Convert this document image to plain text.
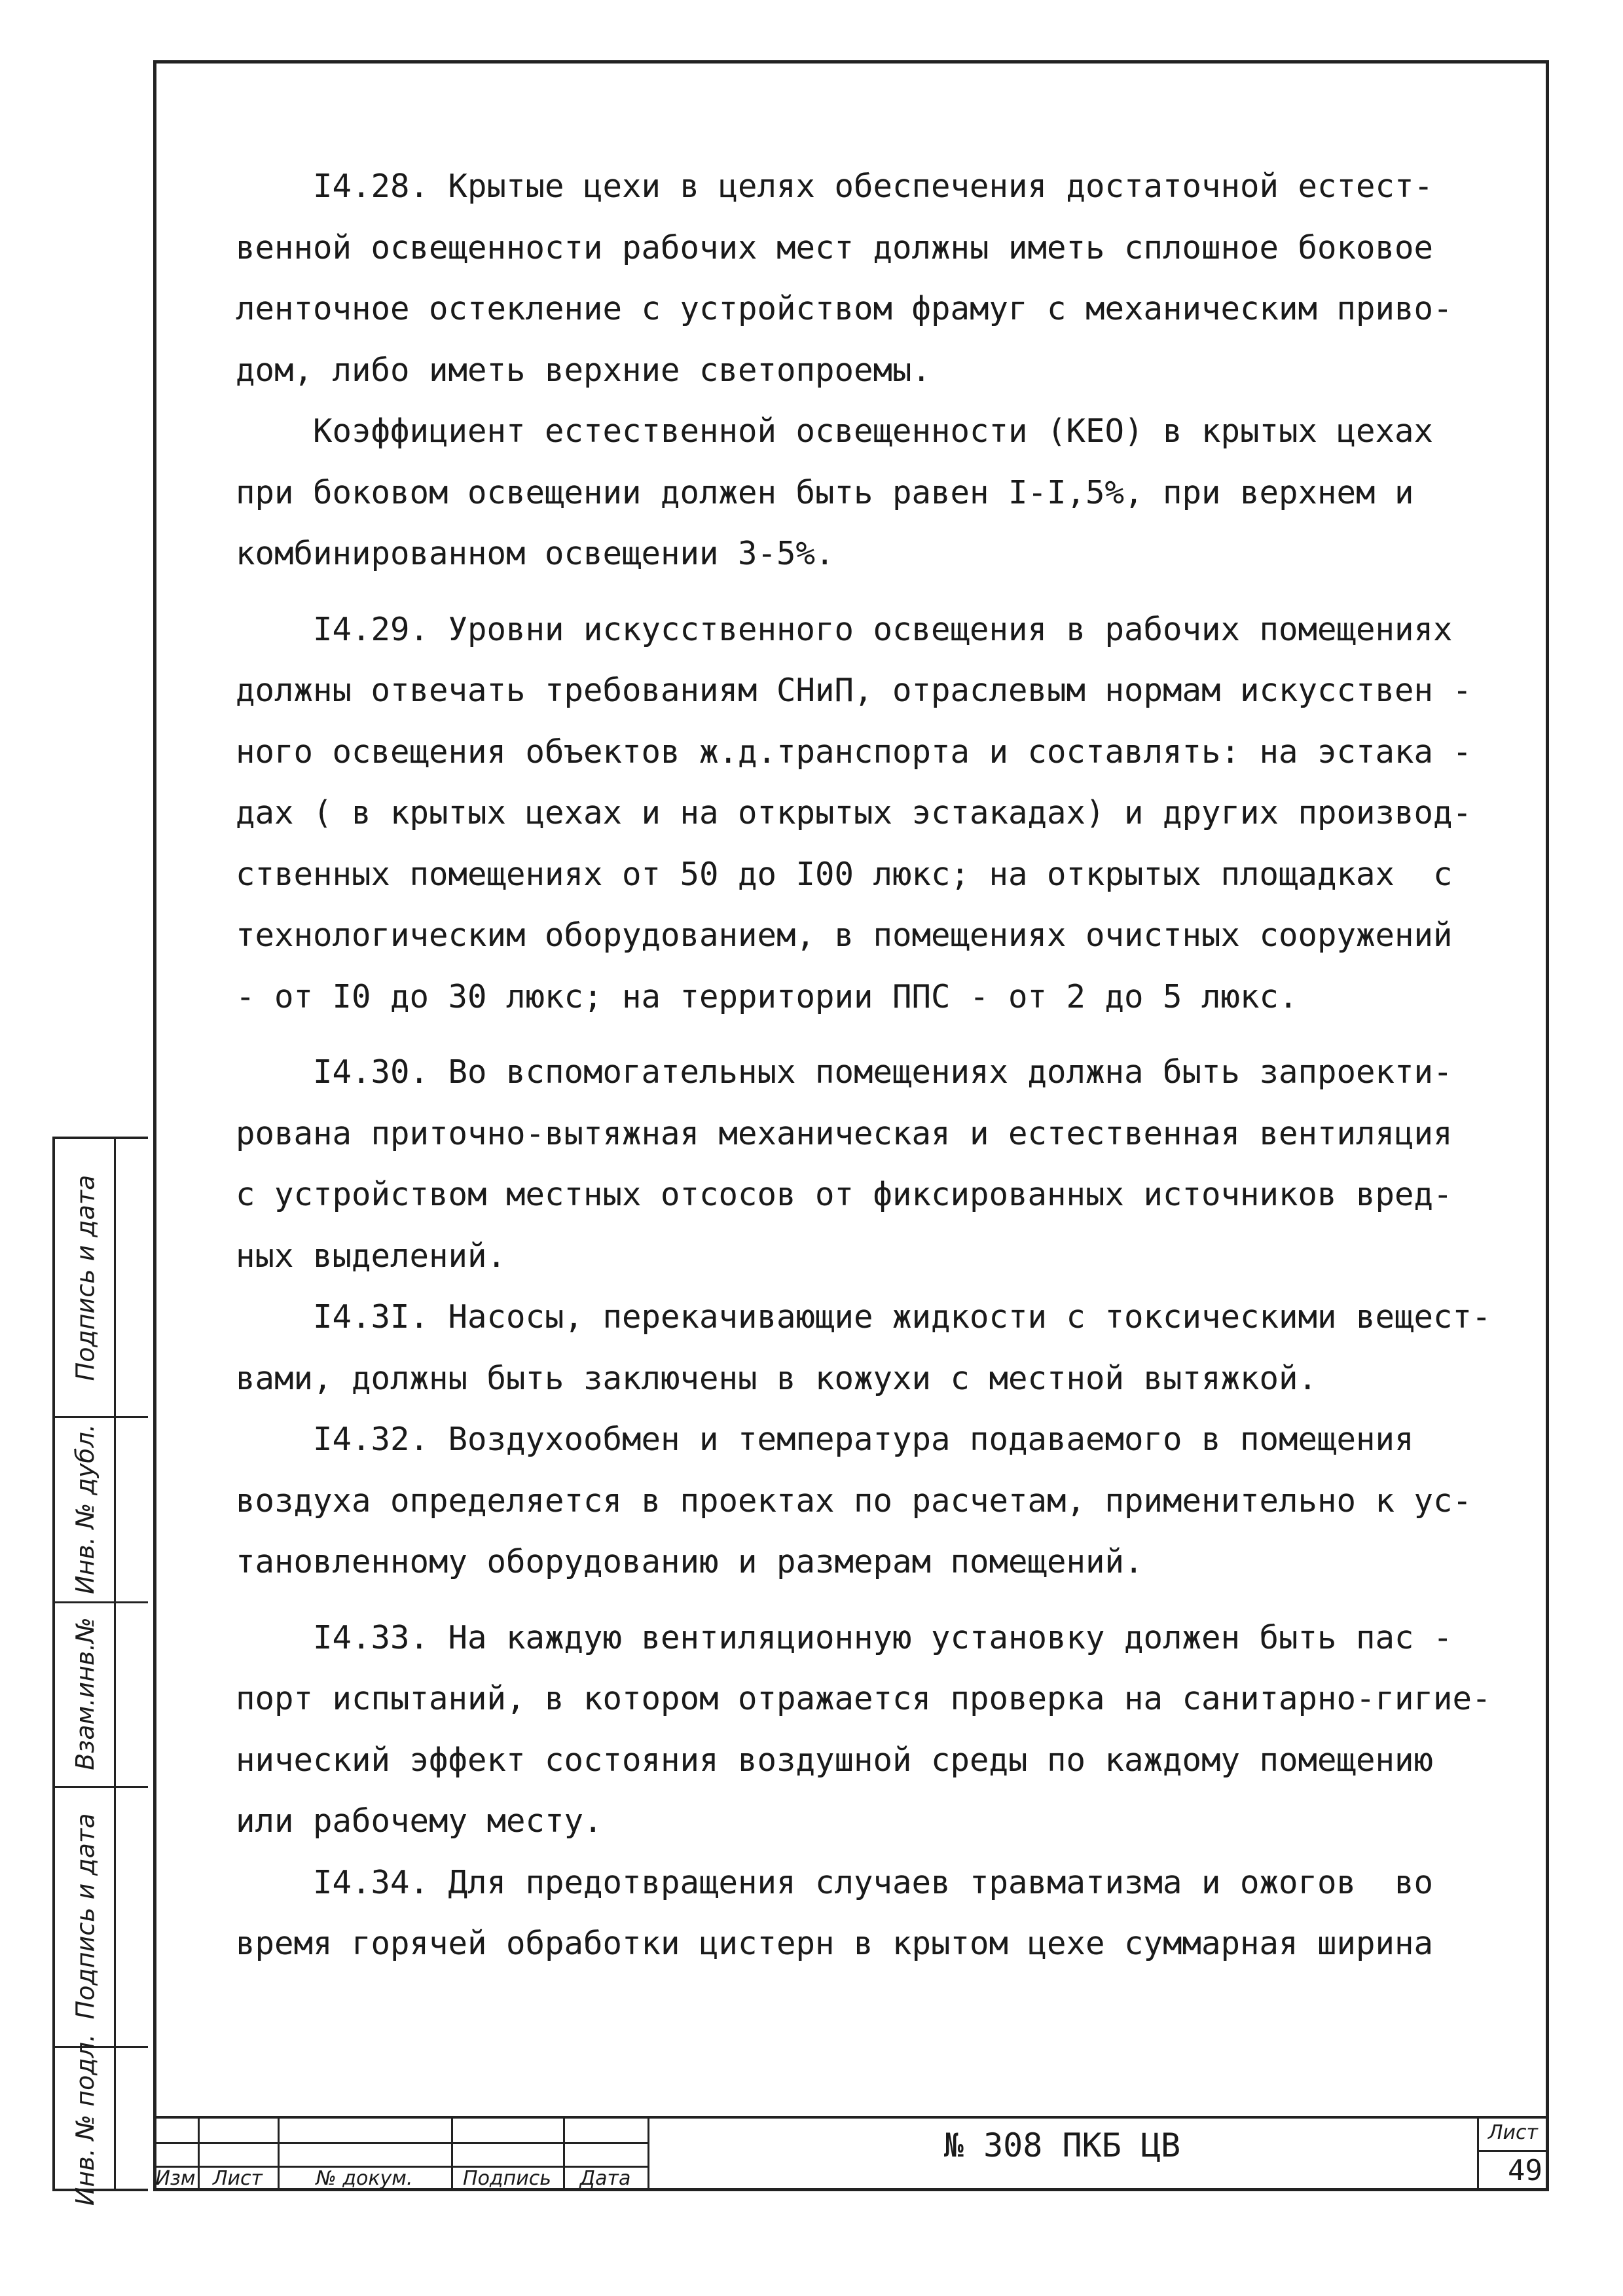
I4.28. Крытые цехи в целях обеспечения достаточной естест-
венной освещенности рабочих мест должны иметь сплошное боковое
ленточное остекление с устройством фрамуг с механическим приво-
дом, либо иметь верхние светопроемы.

Коэффициент естественной освещенности (КЕО) в крытых цехах
при боковом освещении должен быть равен I-I,5%, при верхнем и
комбинированном освещении 3-5%.

I4.29. Уровни искусственного освещения в рабочих помещениях
должны отвечать требованиям СНиП, отраслевым нормам искусствен -
ного освещения объектов ж.д.транспорта и составлять: на эстака -
дах ( в крытых цехах и на открытых эстакадах) и других производ-
ственных помещениях от 50 до I00 люкс; на открытых площадках  с
технологическим оборудованием, в помещениях очистных сооружений
- от I0 до 30 люкс; на территории ППС - от 2 до 5 люкс.

I4.30. Во вспомогательных помещениях должна быть запроекти-
рована приточно-вытяжная механическая и естественная вентиляция
с устройством местных отсосов от фиксированных источников вред-
ных выделений.

I4.3I. Насосы, перекачивающие жидкости с токсическими вещест-
вами, должны быть заключены в кожухи с местной вытяжкой.

I4.32. Воздухообмен и температура подаваемого в помещения
воздуха определяется в проектах по расчетам, применительно к ус-
тановленному оборудованию и размерам помещений.

I4.33. На каждую вентиляционную установку должен быть пас -
порт испытаний, в котором отражается проверка на санитарно-гигие-
нический эффект состояния воздушной среды по каждому помещению
или рабочему месту.

I4.34. Для предотвращения случаев травматизма и ожогов  во
время горячей обработки цистерн в крытом цехе суммарная ширина

Подпись и дата
Инв. № дубл.
Взам.инв.№
Подпись и дата
Инв. № подл.	Изм Лист	№ докум.	Подпись	Дата
№ 308 ПКБ ЦВ	Лист
49
